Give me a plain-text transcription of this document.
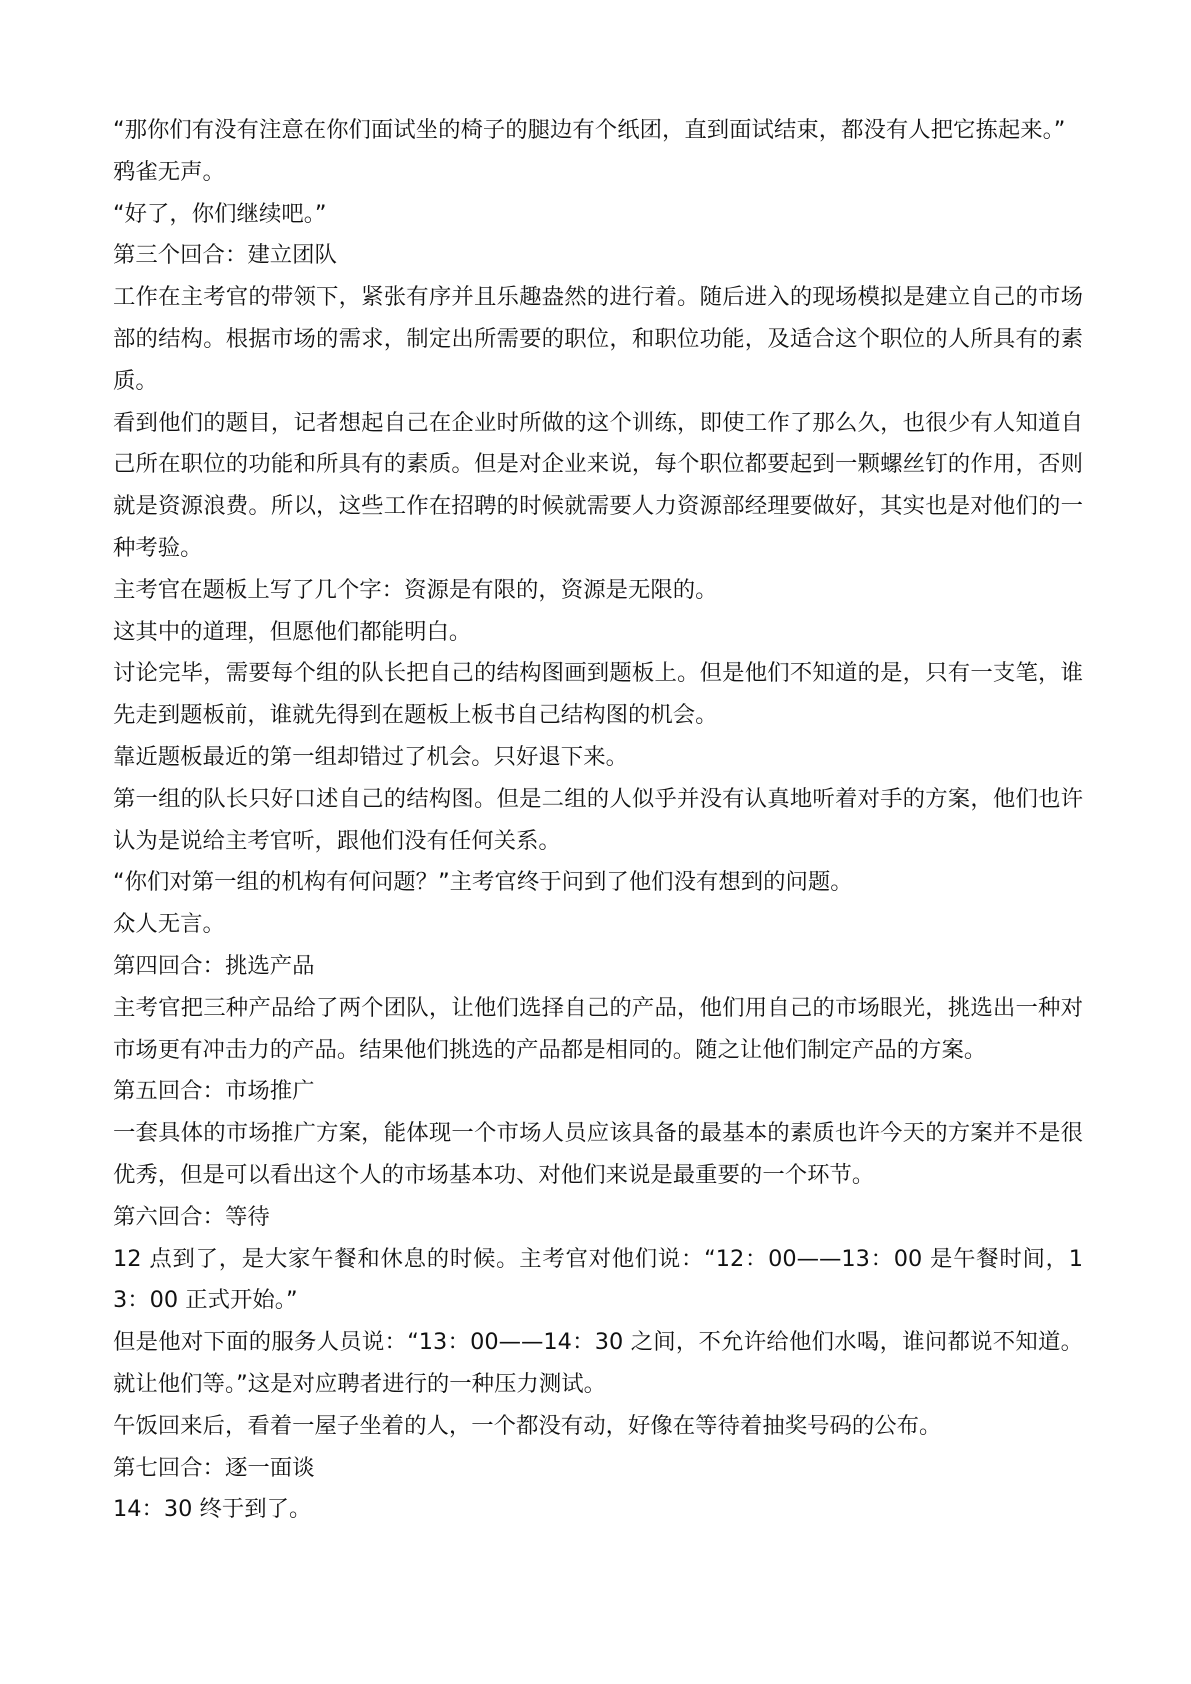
“那你们有没有注意在你们面试坐的椅子的腿边有个纸团，直到面试结束，都没有人把它拣起来。”

鸦雀无声。

“好了，你们继续吧。”

第三个回合：建立团队

工作在主考官的带领下，紧张有序并且乐趣盎然的进行着。随后进入的现场模拟是建立自己的市场部的结构。根据市场的需求，制定出所需要的职位，和职位功能，及适合这个职位的人所具有的素质。

看到他们的题目，记者想起自己在企业时所做的这个训练，即使工作了那么久，也很少有人知道自己所在职位的功能和所具有的素质。但是对企业来说，每个职位都要起到一颗螺丝钉的作用，否则就是资源浪费。所以，这些工作在招聘的时候就需要人力资源部经理要做好，其实也是对他们的一种考验。

主考官在题板上写了几个字：资源是有限的，资源是无限的。

这其中的道理，但愿他们都能明白。

讨论完毕，需要每个组的队长把自己的结构图画到题板上。但是他们不知道的是，只有一支笔，谁先走到题板前，谁就先得到在题板上板书自己结构图的机会。

靠近题板最近的第一组却错过了机会。只好退下来。

第一组的队长只好口述自己的结构图。但是二组的人似乎并没有认真地听着对手的方案，他们也许认为是说给主考官听，跟他们没有任何关系。

“你们对第一组的机构有何问题？”主考官终于问到了他们没有想到的问题。

众人无言。

第四回合：挑选产品

主考官把三种产品给了两个团队，让他们选择自己的产品，他们用自己的市场眼光，挑选出一种对市场更有冲击力的产品。结果他们挑选的产品都是相同的。随之让他们制定产品的方案。

第五回合：市场推广

一套具体的市场推广方案，能体现一个市场人员应该具备的最基本的素质也许今天的方案并不是很优秀，但是可以看出这个人的市场基本功、对他们来说是最重要的一个环节。

第六回合：等待

12 点到了，是大家午餐和休息的时候。主考官对他们说：“12：00——13：00 是午餐时间，13：00 正式开始。”

但是他对下面的服务人员说：“13：00——14：30 之间，不允许给他们水喝，谁问都说不知道。就让他们等。”这是对应聘者进行的一种压力测试。

午饭回来后，看着一屋子坐着的人，一个都没有动，好像在等待着抽奖号码的公布。

第七回合：逐一面谈

14：30 终于到了。
